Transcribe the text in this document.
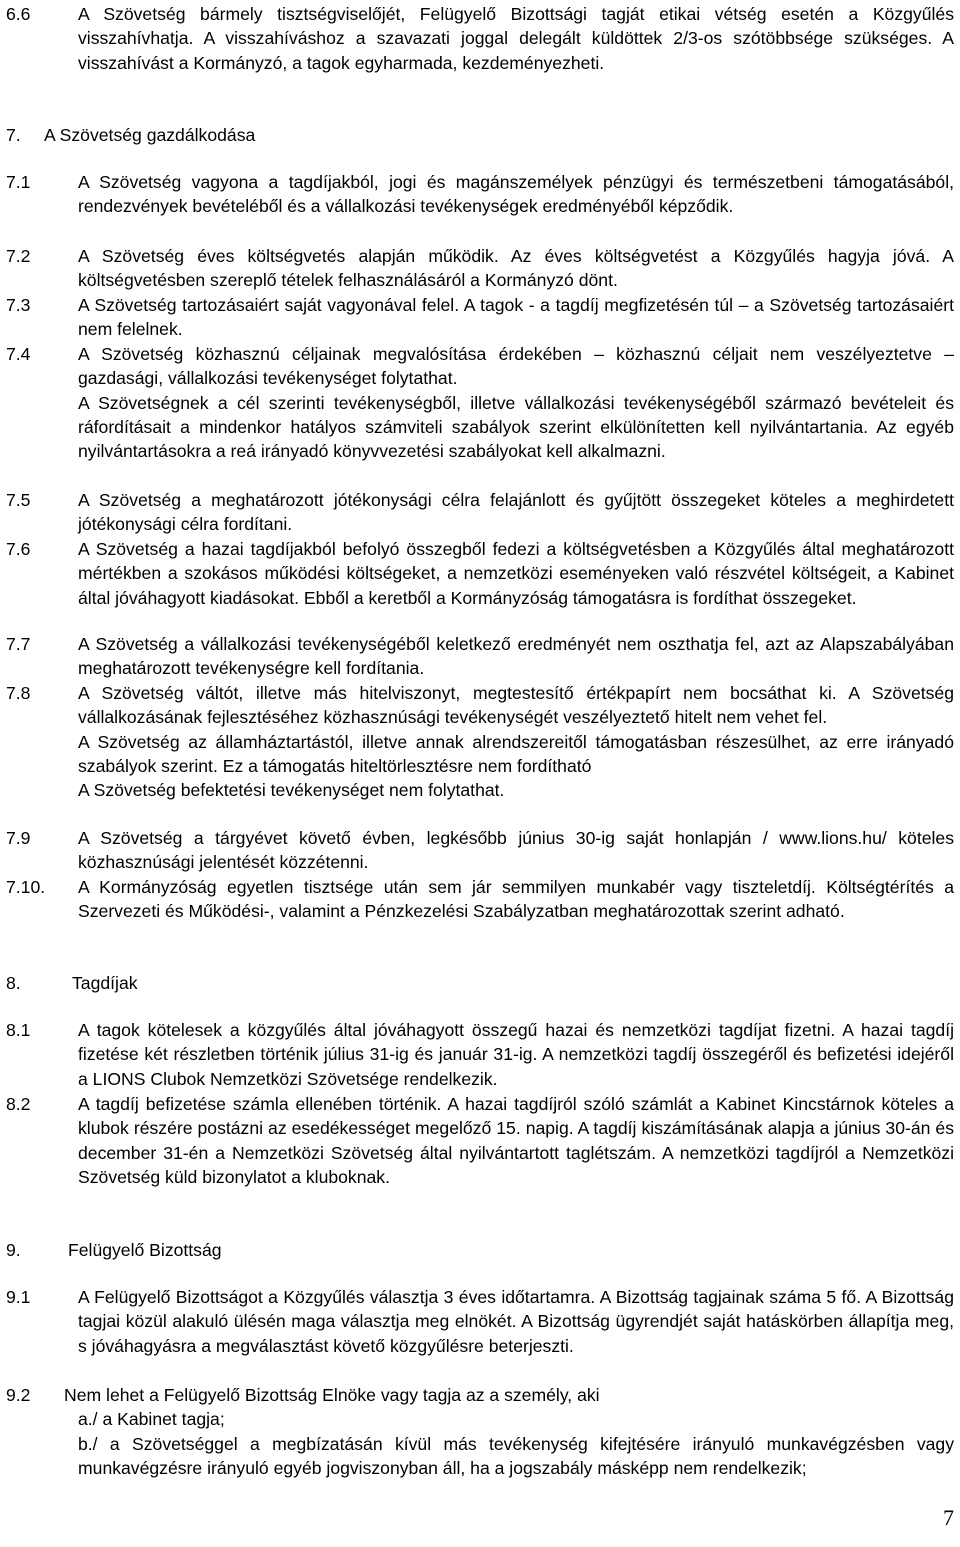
6.6	A Szövetség bármely tisztségviselőjét, Felügyelő Bizottsági tagját etikai vétség esetén a Közgyűlés visszahívhatja. A visszahíváshoz a szavazati joggal delegált küldöttek 2/3-os szótöbbsége szükséges. A visszahívást a Kormányzó, a tagok egyharmada, kezdeményezheti.
7. A Szövetség gazdálkodása
7.1	A Szövetség vagyona a tagdíjakból, jogi és magánszemélyek pénzügyi és természetbeni támogatásából, rendezvények bevételéből és a vállalkozási tevékenységek eredményéből képződik.
7.2	A Szövetség éves költségvetés alapján működik. Az éves költségvetést a Közgyűlés hagyja jóvá. A költségvetésben szereplő tételek felhasználásáról a Kormányzó dönt.
7.3	A Szövetség tartozásaiért saját vagyonával felel. A tagok - a tagdíj megfizetésén túl – a Szövetség tartozásaiért nem felelnek.
7.4	A Szövetség közhasznú céljainak megvalósítása érdekében – közhasznú céljait nem veszélyeztetve – gazdasági, vállalkozási tevékenységet folytathat.
A Szövetségnek a cél szerinti tevékenységből, illetve vállalkozási tevékenységéből származó bevételeit és ráfordításait a mindenkor hatályos számviteli szabályok szerint elkülönítetten kell nyilvántartania. Az egyéb nyilvántartásokra a reá irányadó könyvvezetési szabályokat kell alkalmazni.
7.5	A Szövetség a meghatározott jótékonysági célra felajánlott és gyűjtött összegeket köteles a meghirdetett jótékonysági célra fordítani.
7.6	A Szövetség a hazai tagdíjakból befolyó összegből fedezi a költségvetésben a Közgyűlés által meghatározott mértékben a szokásos működési költségeket, a nemzetközi eseményeken való részvétel költségeit, a Kabinet által jóváhagyott kiadásokat. Ebből a keretből a Kormányzóság támogatásra is fordíthat összegeket.
7.7	A Szövetség a vállalkozási tevékenységéből keletkező eredményét nem oszthatja fel, azt az Alapszabályában meghatározott tevékenységre kell fordítania.
7.8	A Szövetség váltót, illetve más hitelviszonyt, megtestesítő értékpapírt nem bocsáthat ki. A Szövetség vállalkozásának fejlesztéséhez közhasznúsági tevékenységét veszélyeztető hitelt nem vehet fel.
A Szövetség az államháztartástól, illetve annak alrendszereitől támogatásban részesülhet, az erre irányadó szabályok szerint. Ez a támogatás hiteltörlesztésre nem fordítható
A Szövetség befektetési tevékenységet nem folytathat.
7.9	A Szövetség a tárgyévet követő évben, legkésőbb június 30-ig saját honlapján / www.lions.hu/ köteles közhasznúsági jelentését közzétenni.
7.10. A Kormányzóság egyetlen tisztsége után sem jár semmilyen munkabér vagy tiszteletdíj. Költségtérítés a Szervezeti és Működési-, valamint a Pénzkezelési Szabályzatban meghatározottak szerint adható.
8.	Tagdíjak
8.1	A tagok kötelesek a közgyűlés által jóváhagyott összegű hazai és nemzetközi tagdíjat fizetni. A hazai tagdíj fizetése két részletben történik július 31-ig és január 31-ig. A nemzetközi tagdíj összegéről és befizetési idejéről a LIONS Clubok Nemzetközi Szövetsége rendelkezik.
8.2	A tagdíj befizetése számla ellenében történik. A hazai tagdíjról szóló számlát a Kabinet Kincstárnok köteles a klubok részére postázni az esedékességet megelőző 15. napig. A tagdíj kiszámításának alapja a június 30-án és december 31-én a Nemzetközi Szövetség által nyilvántartott taglétszám. A nemzetközi tagdíjról a Nemzetközi Szövetség küld bizonylatot a kluboknak.
9.	Felügyelő Bizottság
9.1	A Felügyelő Bizottságot a Közgyűlés választja 3 éves időtartamra. A Bizottság tagjainak száma 5 fő. A Bizottság tagjai közül alakuló ülésén maga választja meg elnökét. A Bizottság ügyrendjét saját hatáskörben állapítja meg, s jóváhagyásra a megválasztást követő közgyűlésre beterjeszti.
9.2 Nem lehet a Felügyelő Bizottság Elnöke vagy tagja az a személy, aki
a./ a Kabinet tagja;
b./ a Szövetséggel a megbízatásán kívül más tevékenység kifejtésére irányuló munkavégzésben vagy munkavégzésre irányuló egyéb jogviszonyban áll, ha a jogszabály másképp nem rendelkezik;
7
